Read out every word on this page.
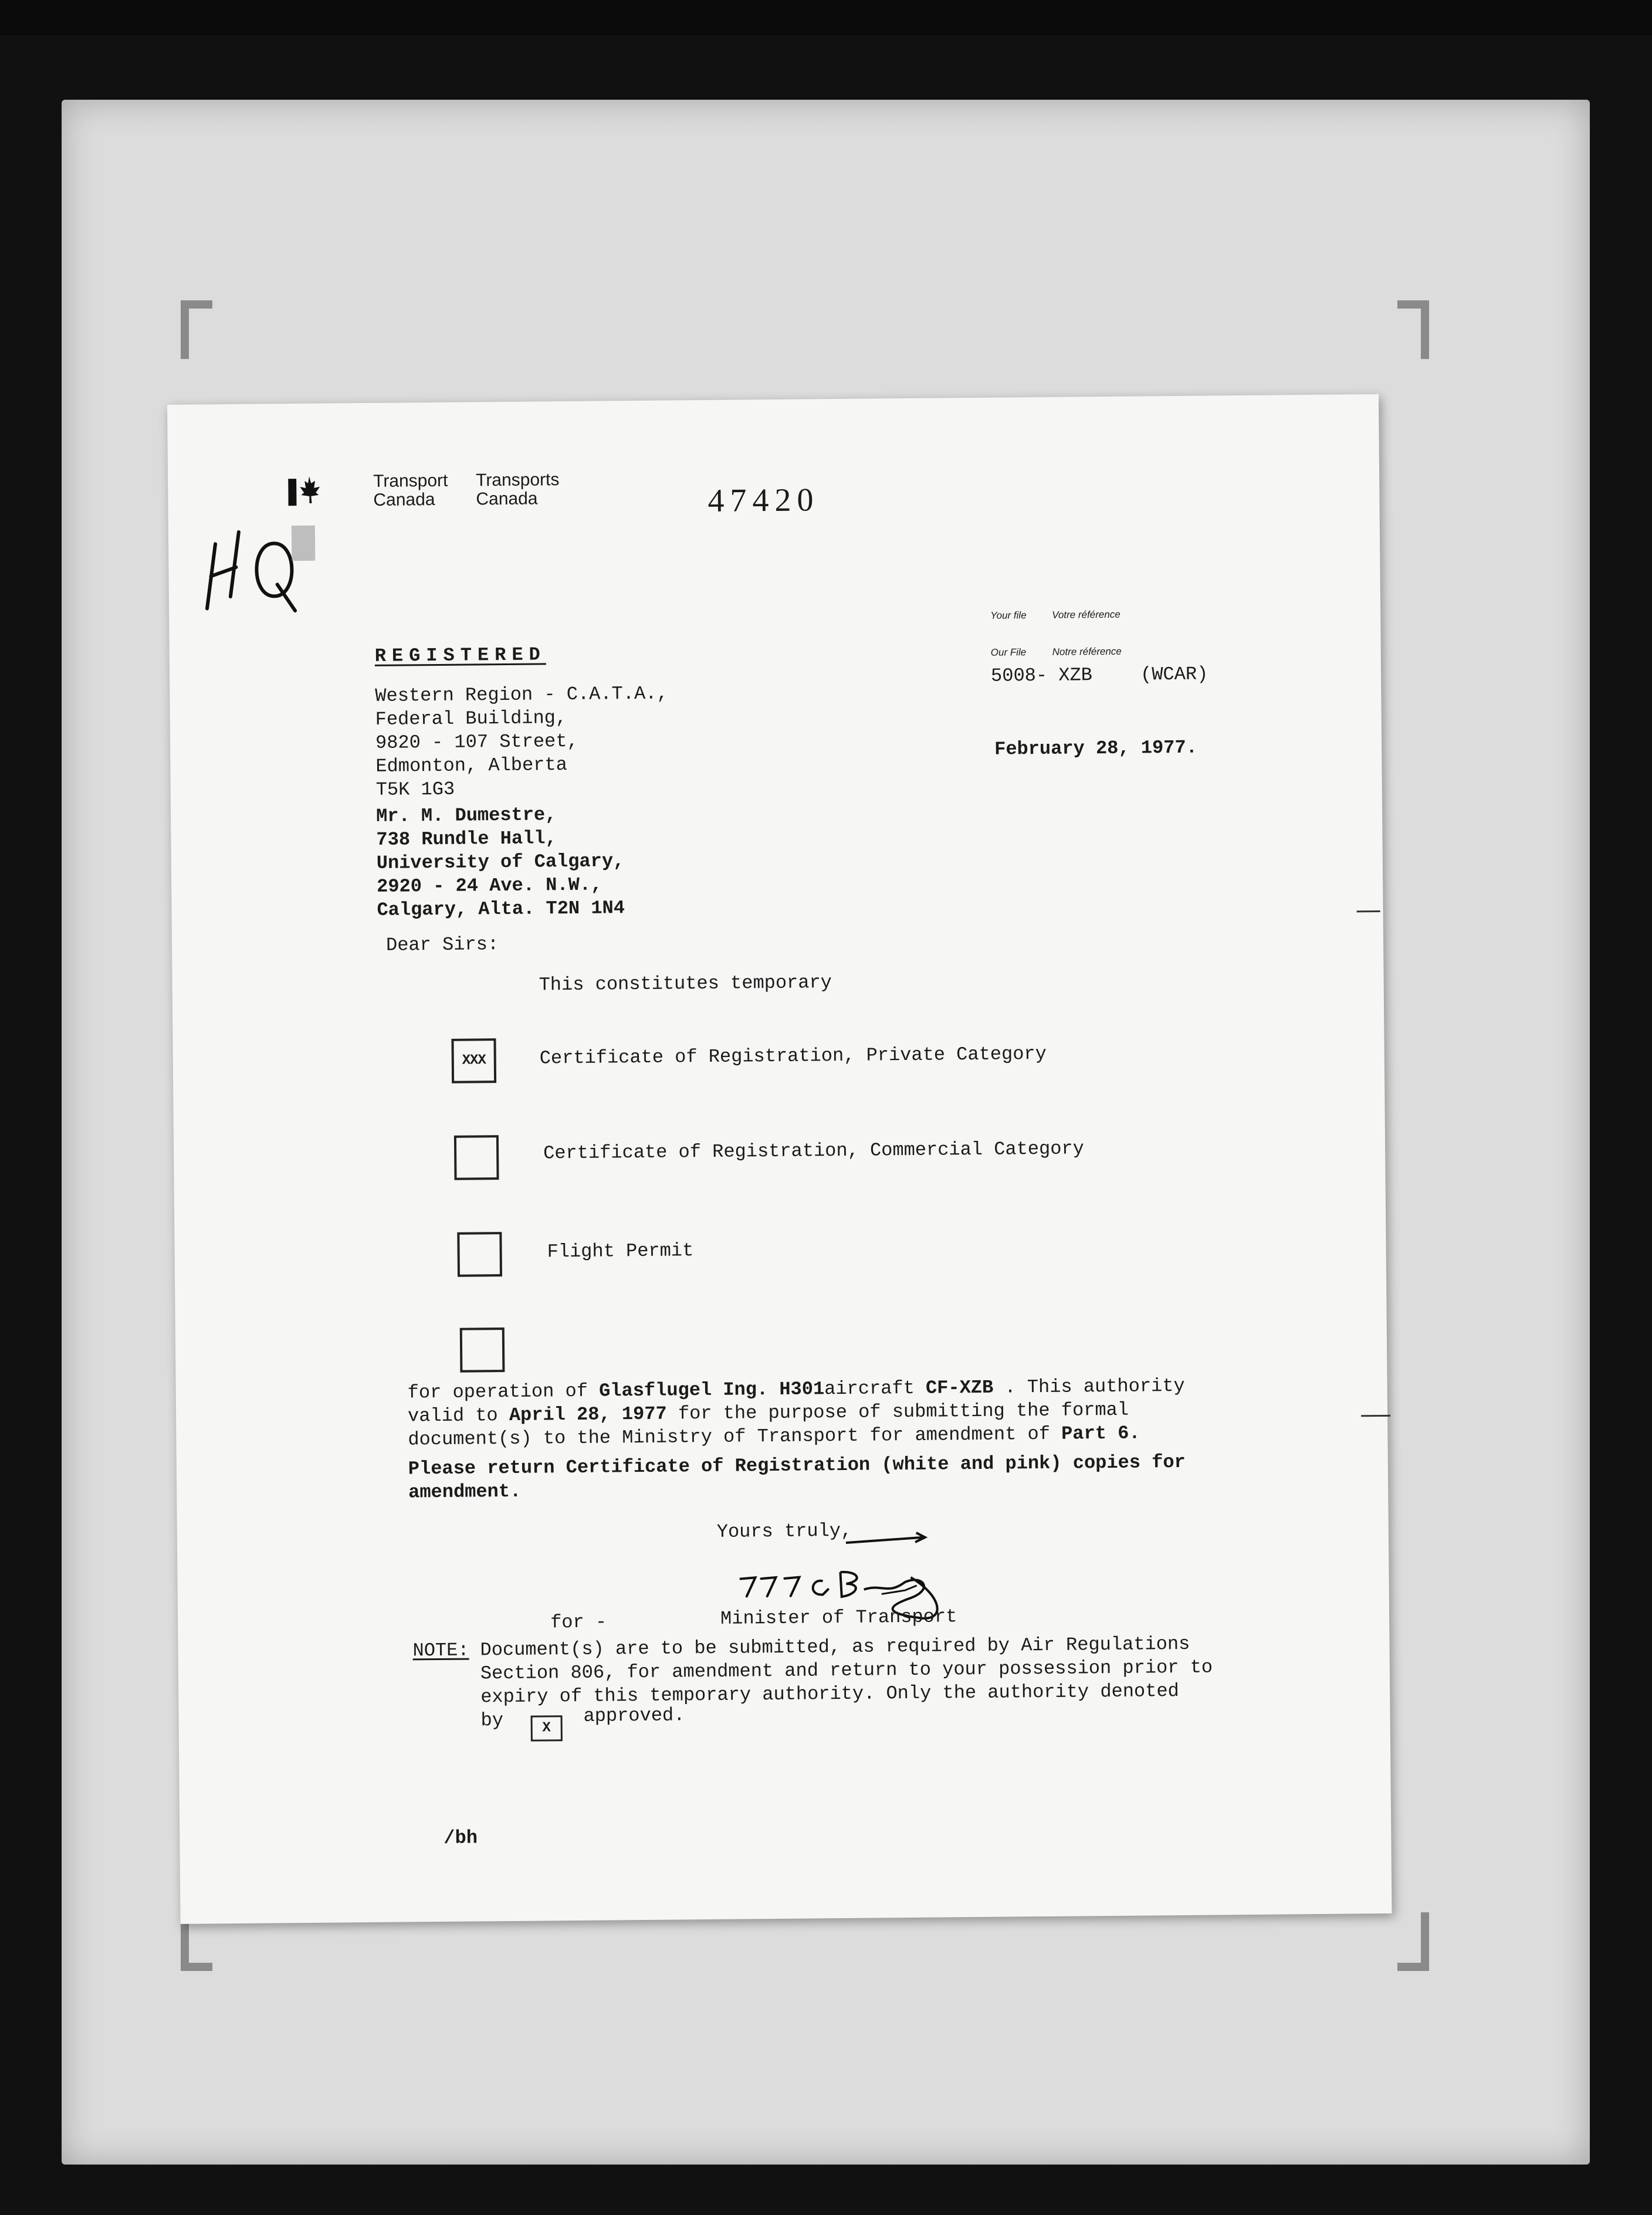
Transport
Canada
Transports
Canada	47420
Your file	Votre référence
Our File	Notre référence
5008- XZB	(WCAR)
February 28, 1977.
REGISTERED
Western Region - C.A.T.A.,
Federal Building,
9820 - 107 Street,
Edmonton, Alberta
T5K 1G3
Mr. M. Dumestre,
738 Rundle Hall,
University of Calgary,
2920 - 24 Ave. N.W.,
Calgary, Alta. T2N 1N4
Dear Sirs:
This constitutes temporary
XXX	Certificate of Registration, Private Category
Certificate of Registration, Commercial Category
Flight Permit
for operation of Glasflugel Ing. H301aircraft CF-XZB . This authority
valid to April 28, 1977 for the purpose of submitting the formal
document(s) to the Ministry of Transport for amendment of Part 6.
Please return Certificate of Registration (white and pink) copies for
amendment.
Yours truly,
for -	Minister of Transport
NOTE: Document(s) are to be submitted, as required by Air Regulations
Section 806, for amendment and return to your possession prior to
expiry of this temporary authority. Only the authority denoted
by	X
approved.
/bh
